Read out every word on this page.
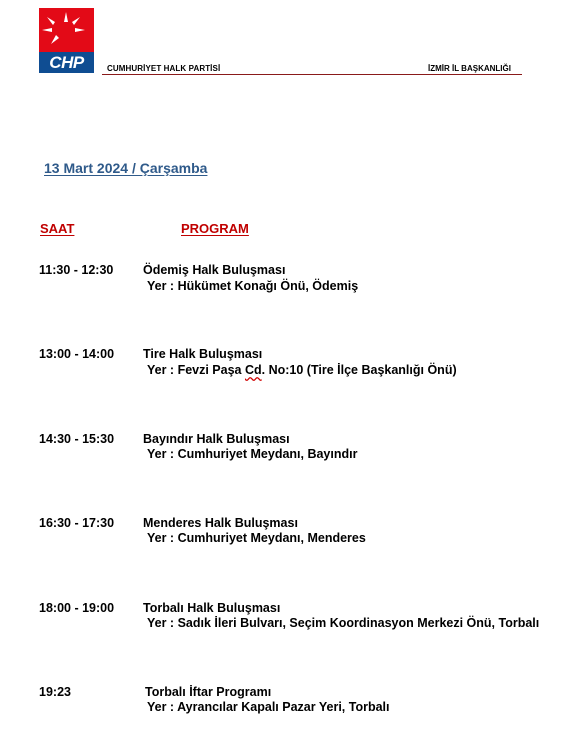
CHP	CUMHURİYET HALK PARTİSİ	İZMİR İL BAŞKANLIĞI
13 Mart 2024 / Çarşamba
SAAT	PROGRAM
11:30 - 12:30 Ödemiş Halk Buluşması
Yer : Hükümet Konağı Önü, Ödemiş
13:00 - 14:00 Tire Halk Buluşması
Yer : Fevzi Paşa Cd. No:10 (Tire İlçe Başkanlığı Önü)
14:30 - 15:30 Bayındır Halk Buluşması
Yer : Cumhuriyet Meydanı, Bayındır
16:30 - 17:30 Menderes Halk Buluşması
Yer : Cumhuriyet Meydanı, Menderes
18:00 - 19:00 Torbalı Halk Buluşması
Yer : Sadık İleri Bulvarı, Seçim Koordinasyon Merkezi Önü, Torbalı
19:23	Torbalı İftar Programı
Yer : Ayrancılar Kapalı Pazar Yeri, Torbalı
